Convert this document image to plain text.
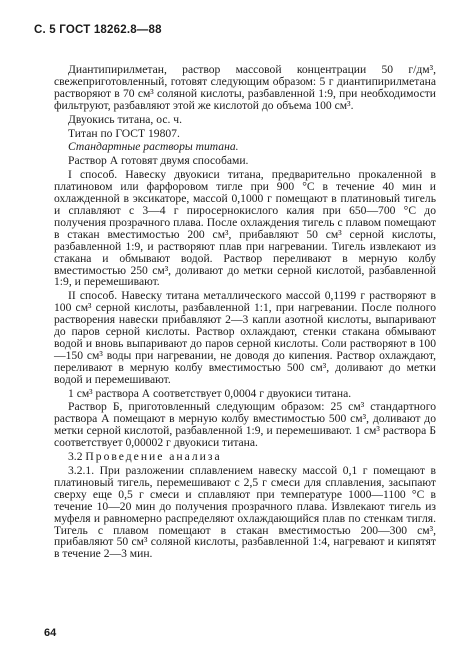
С. 5 ГОСТ 18262.8—88

Диантипирилметан, раствор массовой концентрации 50 г/дм³, свежеприготовленный, готовят следующим образом: 5 г диантипирилметана растворяют в 70 см³ соляной кислоты, разбавленной 1:9, при необходимости фильтруют, разбавляют этой же кислотой до объема 100 см³.

Двуокись титана, ос. ч.

Титан по ГОСТ 19807.

Стандартные растворы титана.

Раствор А готовят двумя способами.

I способ. Навеску двуокиси титана, предварительно прокаленной в платиновом или фарфоровом тигле при 900 °С в течение 40 мин и охлажденной в эксикаторе, массой 0,1000 г помещают в платиновый тигель и сплавляют с 3—4 г пиросернокислого калия при 650—700 °С до получения прозрачного плава. После охлаждения тигель с плавом помещают в стакан вместимостью 200 см³, прибавляют 50 см³ серной кислоты, разбавленной 1:9, и растворяют плав при нагревании. Тигель извлекают из стакана и обмывают водой. Раствор переливают в мерную колбу вместимостью 250 см³, доливают до метки серной кислотой, разбавленной 1:9, и перемешивают.

II способ. Навеску титана металлического массой 0,1199 г растворяют в 100 см³ серной кислоты, разбавленной 1:1, при нагревании. После полного растворения навески прибавляют 2—3 капли азотной кислоты, выпаривают до паров серной кислоты. Раствор охлаждают, стенки стакана обмывают водой и вновь выпаривают до паров серной кислоты. Соли растворяют в 100—150 см³ воды при нагревании, не доводя до кипения. Раствор охлаждают, переливают в мерную колбу вместимостью 500 см³, доливают до метки водой и перемешивают.

1 см³ раствора А соответствует 0,0004 г двуокиси титана.

Раствор Б, приготовленный следующим образом: 25 см³ стандартного раствора А помещают в мерную колбу вместимостью 500 см³, доливают до метки серной кислотой, разбавленной 1:9, и перемешивают. 1 см³ раствора Б соответствует 0,00002 г двуокиси титана.

3.2 Проведение анализа

3.2.1. При разложении сплавлением навеску массой 0,1 г помещают в платиновый тигель, перемешивают с 2,5 г смеси для сплавления, засыпают сверху еще 0,5 г смеси и сплавляют при температуре 1000—1100 °С в течение 10—20 мин до получения прозрачного плава. Извлекают тигель из муфеля и равномерно распределяют охлаждающийся плав по стенкам тигля. Тигель с плавом помещают в стакан вместимостью 200—300 см³, прибавляют 50 см³ соляной кислоты, разбавленной 1:4, нагревают и кипятят в течение 2—3 мин.

64
